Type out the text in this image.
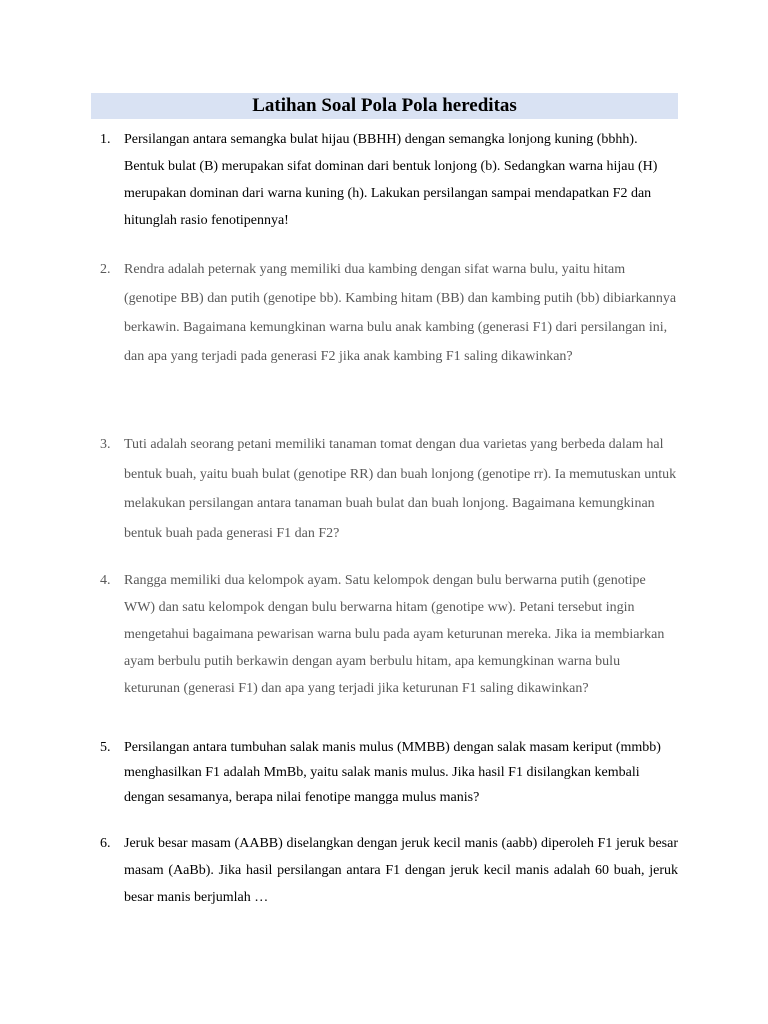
Latihan Soal Pola Pola hereditas
1. Persilangan antara semangka bulat hijau (BBHH) dengan semangka lonjong kuning (bbhh). Bentuk bulat (B) merupakan sifat dominan dari bentuk lonjong (b). Sedangkan warna hijau (H) merupakan dominan dari warna kuning (h). Lakukan persilangan sampai mendapatkan F2 dan hitunglah rasio fenotipennya!
2. Rendra adalah peternak yang memiliki dua kambing dengan sifat warna bulu, yaitu hitam (genotipe BB) dan putih (genotipe bb). Kambing hitam (BB) dan kambing putih (bb) dibiarkannya berkawin. Bagaimana kemungkinan warna bulu anak kambing (generasi F1) dari persilangan ini, dan apa yang terjadi pada generasi F2 jika anak kambing F1 saling dikawinkan?
3. Tuti adalah seorang petani memiliki tanaman tomat dengan dua varietas yang berbeda dalam hal bentuk buah, yaitu buah bulat (genotipe RR) dan buah lonjong (genotipe rr). Ia memutuskan untuk melakukan persilangan antara tanaman buah bulat dan buah lonjong. Bagaimana kemungkinan bentuk buah pada generasi F1 dan F2?
4. Rangga memiliki dua kelompok ayam. Satu kelompok dengan bulu berwarna putih (genotipe WW) dan satu kelompok dengan bulu berwarna hitam (genotipe ww). Petani tersebut ingin mengetahui bagaimana pewarisan warna bulu pada ayam keturunan mereka. Jika ia membiarkan ayam berbulu putih berkawin dengan ayam berbulu hitam, apa kemungkinan warna bulu keturunan (generasi F1) dan apa yang terjadi jika keturunan F1 saling dikawinkan?
5. Persilangan antara tumbuhan salak manis mulus (MMBB) dengan salak masam keriput (mmbb) menghasilkan F1 adalah MmBb, yaitu salak manis mulus. Jika hasil F1 disilangkan kembali dengan sesamanya, berapa nilai fenotipe mangga mulus manis?
6. Jeruk besar masam (AABB) diselangkan dengan jeruk kecil manis (aabb) diperoleh F1 jeruk besar masam (AaBb). Jika hasil persilangan antara F1 dengan jeruk kecil manis adalah 60 buah, jeruk besar manis berjumlah …
